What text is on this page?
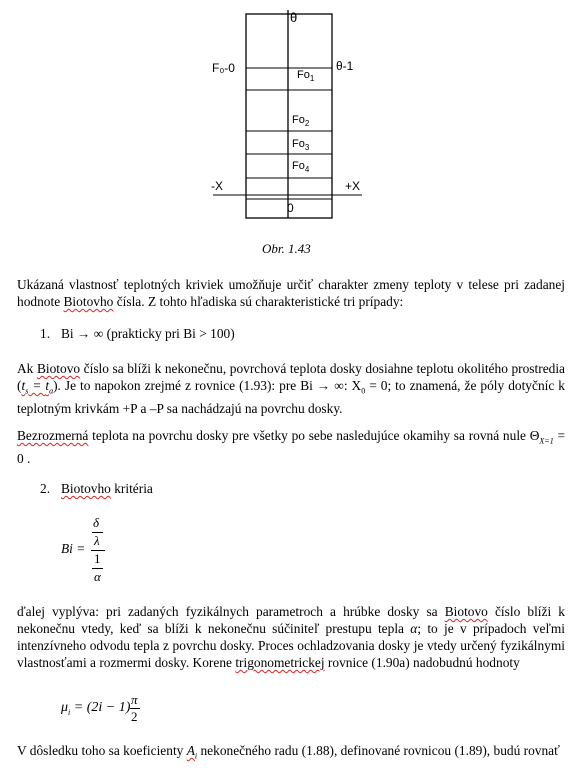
θ
F₀-0	θ-1
$Fo_1$
$Fo_2$
$Fo_3$
$Fo_4$
-X	+X
0
Obr. 1.43

Ukázaná vlastnosť teplotných kriviek umožňuje určiť charakter zmeny teploty v telese pri zadanej hodnote Biotovho čísla. Z tohto hľadiska sú charakteristické tri prípady:

1. Bi → ∞ (prakticky pri Bi > 100)

Ak Biotovo číslo sa blíži k nekonečnu, povrchová teplota dosky dosiahne teplotu okolitého prostredia $(t_s = t_a)$. Je to napokon zrejmé z rovnice (1.93): pre Bi → ∞: $X_0 = 0$; to znamená, že póly dotyčníc k teplotným krivkám +P a –P sa nachádzajú na povrchu dosky.

Bezrozmerná teplota na povrchu dosky pre všetky po sebe nasledujúce okamihy sa rovná nule $\Theta_{X=1} = 0$ .

2. Biotovho kritéria
Bi =
δ
λ
1
α

ďalej vyplýva: pri zadaných fyzikálnych parametroch a hrúbke dosky sa Biotovo číslo blíži k nekonečnu vtedy, keď sa blíži k nekonečnu súčiniteľ prestupu tepla α; to je v prípadoch veľmi intenzívneho odvodu tepla z povrchu dosky. Proces ochladzovania dosky je vtedy určený fyzikálnymi vlastnosťami a rozmermi dosky. Korene trigonometrickej rovnice (1.90a) nadobudnú hodnoty

$\mu_i = (2i - 1)$
π
2

V dôsledku toho sa koeficienty $A_i$ nekonečného radu (1.88), definované rovnicou (1.89), budú rovnať
